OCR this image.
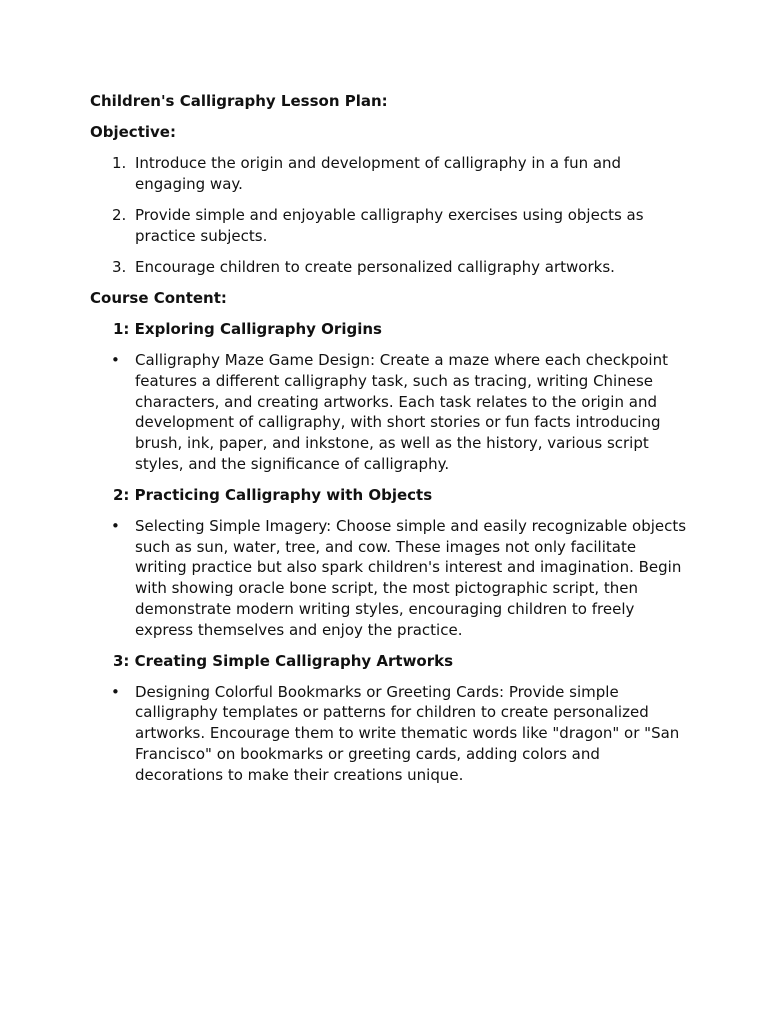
Children's Calligraphy Lesson Plan:
Objective:
1. Introduce the origin and development of calligraphy in a fun and engaging way.
2. Provide simple and enjoyable calligraphy exercises using objects as practice subjects.
3. Encourage children to create personalized calligraphy artworks.
Course Content:
1: Exploring Calligraphy Origins
• Calligraphy Maze Game Design: Create a maze where each checkpoint features a different calligraphy task, such as tracing, writing Chinese characters, and creating artworks. Each task relates to the origin and development of calligraphy, with short stories or fun facts introducing brush, ink, paper, and inkstone, as well as the history, various script styles, and the significance of calligraphy.
2: Practicing Calligraphy with Objects
• Selecting Simple Imagery: Choose simple and easily recognizable objects such as sun, water, tree, and cow. These images not only facilitate writing practice but also spark children's interest and imagination. Begin with showing oracle bone script, the most pictographic script, then demonstrate modern writing styles, encouraging children to freely express themselves and enjoy the practice.
3: Creating Simple Calligraphy Artworks
• Designing Colorful Bookmarks or Greeting Cards: Provide simple calligraphy templates or patterns for children to create personalized artworks. Encourage them to write thematic words like "dragon" or "San Francisco" on bookmarks or greeting cards, adding colors and decorations to make their creations unique.
